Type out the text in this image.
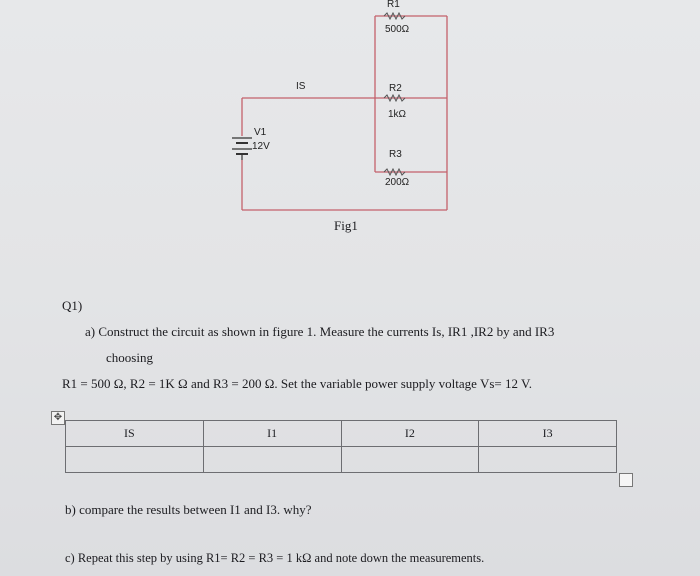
R1
500Ω
R2
1kΩ
R3
200Ω
IS
V1
12V
Fig1
Q1)
a) Construct the circuit as shown in figure 1. Measure the currents Is, IR1 ,IR2 by and IR3
choosing
R1 = 500 Ω, R2 = 1K Ω and R3 = 200 Ω. Set the variable power supply voltage Vs= 12 V.
✥
IS	I1	I2	I3

b) compare the results between I1 and I3. why?
c) Repeat this step by using R1= R2 = R3 = 1 kΩ and note down the measurements.
